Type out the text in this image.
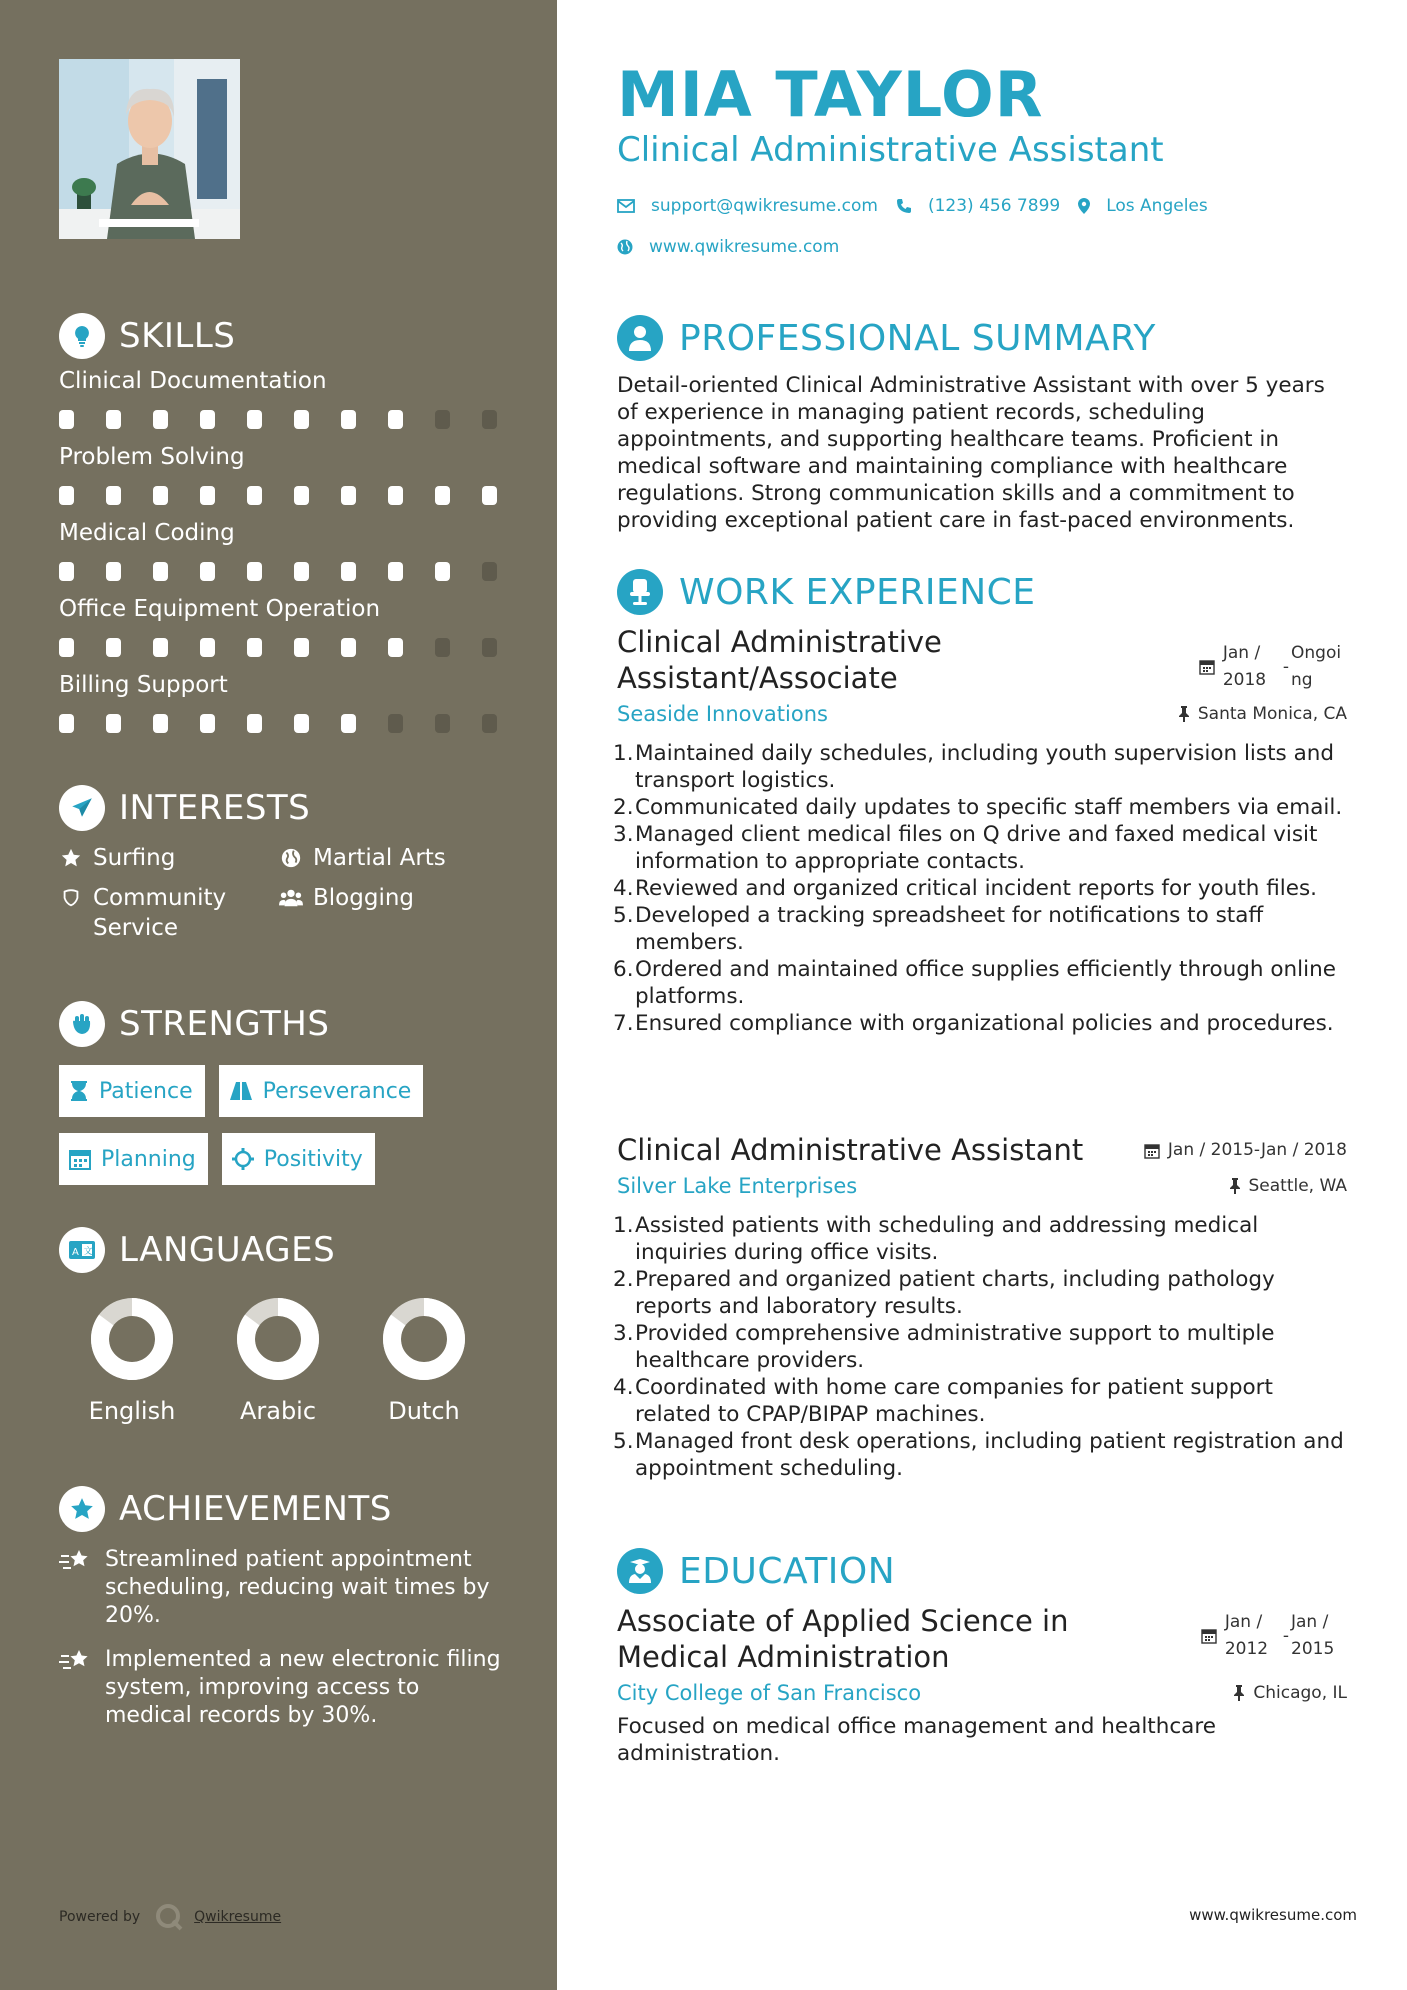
SKILLS
Clinical Documentation
Problem Solving
Medical Coding
Office Equipment Operation
Billing Support
INTERESTS
Surfing	Martial Arts
Community Service
Blogging
STRENGTHS
Patience	Perseverance
Planning	Positivity
A 文 LANGUAGES
English	Arabic	Dutch
ACHIEVEMENTS
Streamlined patient appointment scheduling, reducing wait times by 20%.
Implemented a new electronic filing system, improving access to medical records by 30%.
Powered by	Qwikresume
MIA TAYLOR
Clinical Administrative Assistant
support@qwikresume.com	(123) 456 7899	Los Angeles
www.qwikresume.com
PROFESSIONAL SUMMARY

Detail-oriented Clinical Administrative Assistant with over 5 years of experience in managing patient records, scheduling appointments, and supporting healthcare teams. Proficient in medical software and maintaining compliance with healthcare regulations. Strong communication skills and a commitment to providing exceptional patient care in fast-paced environments.

WORK EXPERIENCE
Clinical Administrative Assistant/Associate
Jan / 2018
-
Ongoing
Seaside Innovations	Santa Monica, CA
Maintained daily schedules, including youth supervision lists and transport logistics.
Communicated daily updates to specific staff members via email.
Managed client medical files on Q drive and faxed medical visit information to appropriate contacts.
Reviewed and organized critical incident reports for youth files.
Developed a tracking spreadsheet for notifications to staff members.
Ordered and maintained office supplies efficiently through online platforms.
Ensured compliance with organizational policies and procedures.
Clinical Administrative Assistant	Jan / 2015-Jan / 2018
Silver Lake Enterprises	Seattle, WA
Assisted patients with scheduling and addressing medical inquiries during office visits.
Prepared and organized patient charts, including pathology reports and laboratory results.
Provided comprehensive administrative support to multiple healthcare providers.
Coordinated with home care companies for patient support related to CPAP/BIPAP machines.
Managed front desk operations, including patient registration and appointment scheduling.
EDUCATION
Associate of Applied Science in Medical Administration
Jan / 2012
-
Jan / 2015
City College of San Francisco	Chicago, IL

Focused on medical office management and healthcare administration.

www.qwikresume.com
